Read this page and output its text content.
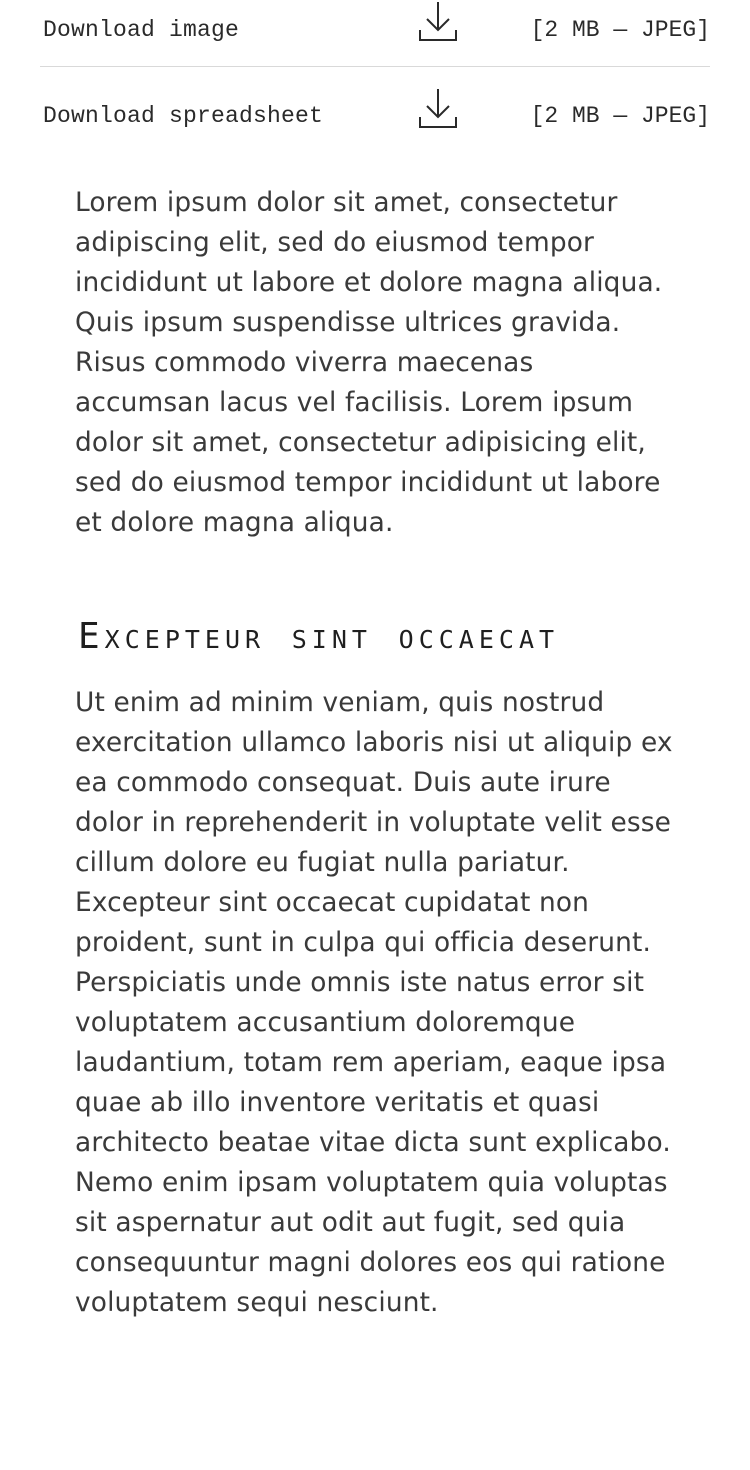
Download image	[2 MB — JPEG]
Download spreadsheet	[2 MB — JPEG]

Lorem ipsum dolor sit amet, consectetur adipiscing elit, sed do eiusmod tempor incididunt ut labore et dolore magna aliqua. Quis ipsum suspendisse ultrices gravida. Risus commodo viverra maecenas accumsan lacus vel facilisis. Lorem ipsum dolor sit amet, consectetur adipisicing elit, sed do eiusmod tempor incididunt ut labore et dolore magna aliqua.

Excepteur sint occaecat

Ut enim ad minim veniam, quis nostrud exercitation ullamco laboris nisi ut aliquip ex ea commodo consequat. Duis aute irure dolor in reprehenderit in voluptate velit esse cillum dolore eu fugiat nulla pariatur. Excepteur sint occaecat cupidatat non proident, sunt in culpa qui officia deserunt. Perspiciatis unde omnis iste natus error sit voluptatem accusantium doloremque laudantium, totam rem aperiam, eaque ipsa quae ab illo inventore veritatis et quasi architecto beatae vitae dicta sunt explicabo. Nemo enim ipsam voluptatem quia voluptas sit aspernatur aut odit aut fugit, sed quia consequuntur magni dolores eos qui ratione voluptatem sequi nesciunt.
